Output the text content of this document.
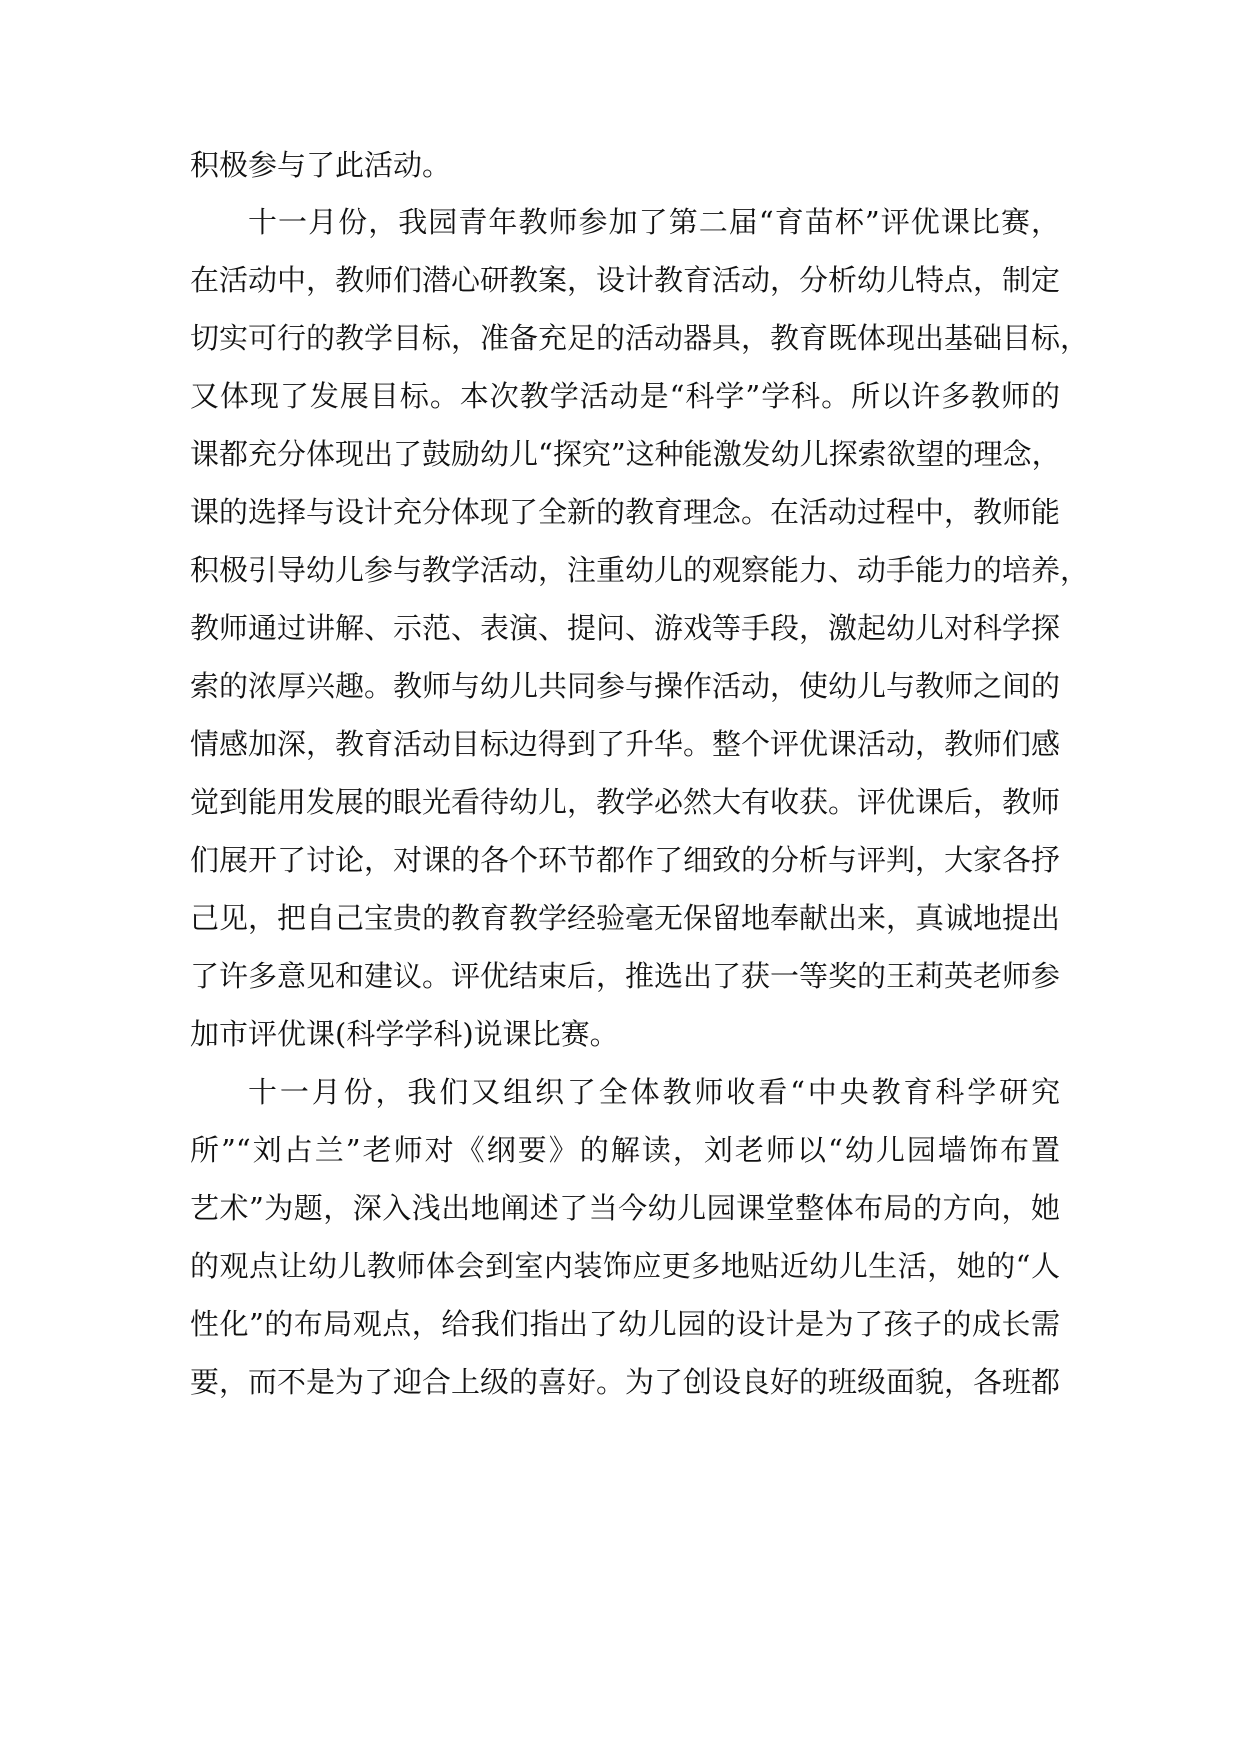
积极参与了此活动。
十一月份，我园青年教师参加了第二届“育苗杯”评优课比赛，
在活动中，教师们潜心研教案，设计教育活动，分析幼儿特点，制定
切实可行的教学目标，准备充足的活动器具，教育既体现出基础目标，
又体现了发展目标。本次教学活动是“科学”学科。所以许多教师的
课都充分体现出了鼓励幼儿“探究”这种能激发幼儿探索欲望的理念，
课的选择与设计充分体现了全新的教育理念。在活动过程中，教师能
积极引导幼儿参与教学活动，注重幼儿的观察能力、动手能力的培养，
教师通过讲解、示范、表演、提问、游戏等手段，激起幼儿对科学探
索的浓厚兴趣。教师与幼儿共同参与操作活动，使幼儿与教师之间的
情感加深，教育活动目标边得到了升华。整个评优课活动，教师们感
觉到能用发展的眼光看待幼儿，教学必然大有收获。评优课后，教师
们展开了讨论，对课的各个环节都作了细致的分析与评判，大家各抒
己见，把自己宝贵的教育教学经验毫无保留地奉献出来，真诚地提出
了许多意见和建议。评优结束后，推选出了获一等奖的王莉英老师参
加市评优课(科学学科)说课比赛。
十一月份，我们又组织了全体教师收看“中央教育科学研究
所”“刘占兰”老师对《纲要》的解读，刘老师以“幼儿园墙饰布置
艺术”为题，深入浅出地阐述了当今幼儿园课堂整体布局的方向，她
的观点让幼儿教师体会到室内装饰应更多地贴近幼儿生活，她的“人
性化”的布局观点，给我们指出了幼儿园的设计是为了孩子的成长需
要，而不是为了迎合上级的喜好。为了创设良好的班级面貌，各班都
